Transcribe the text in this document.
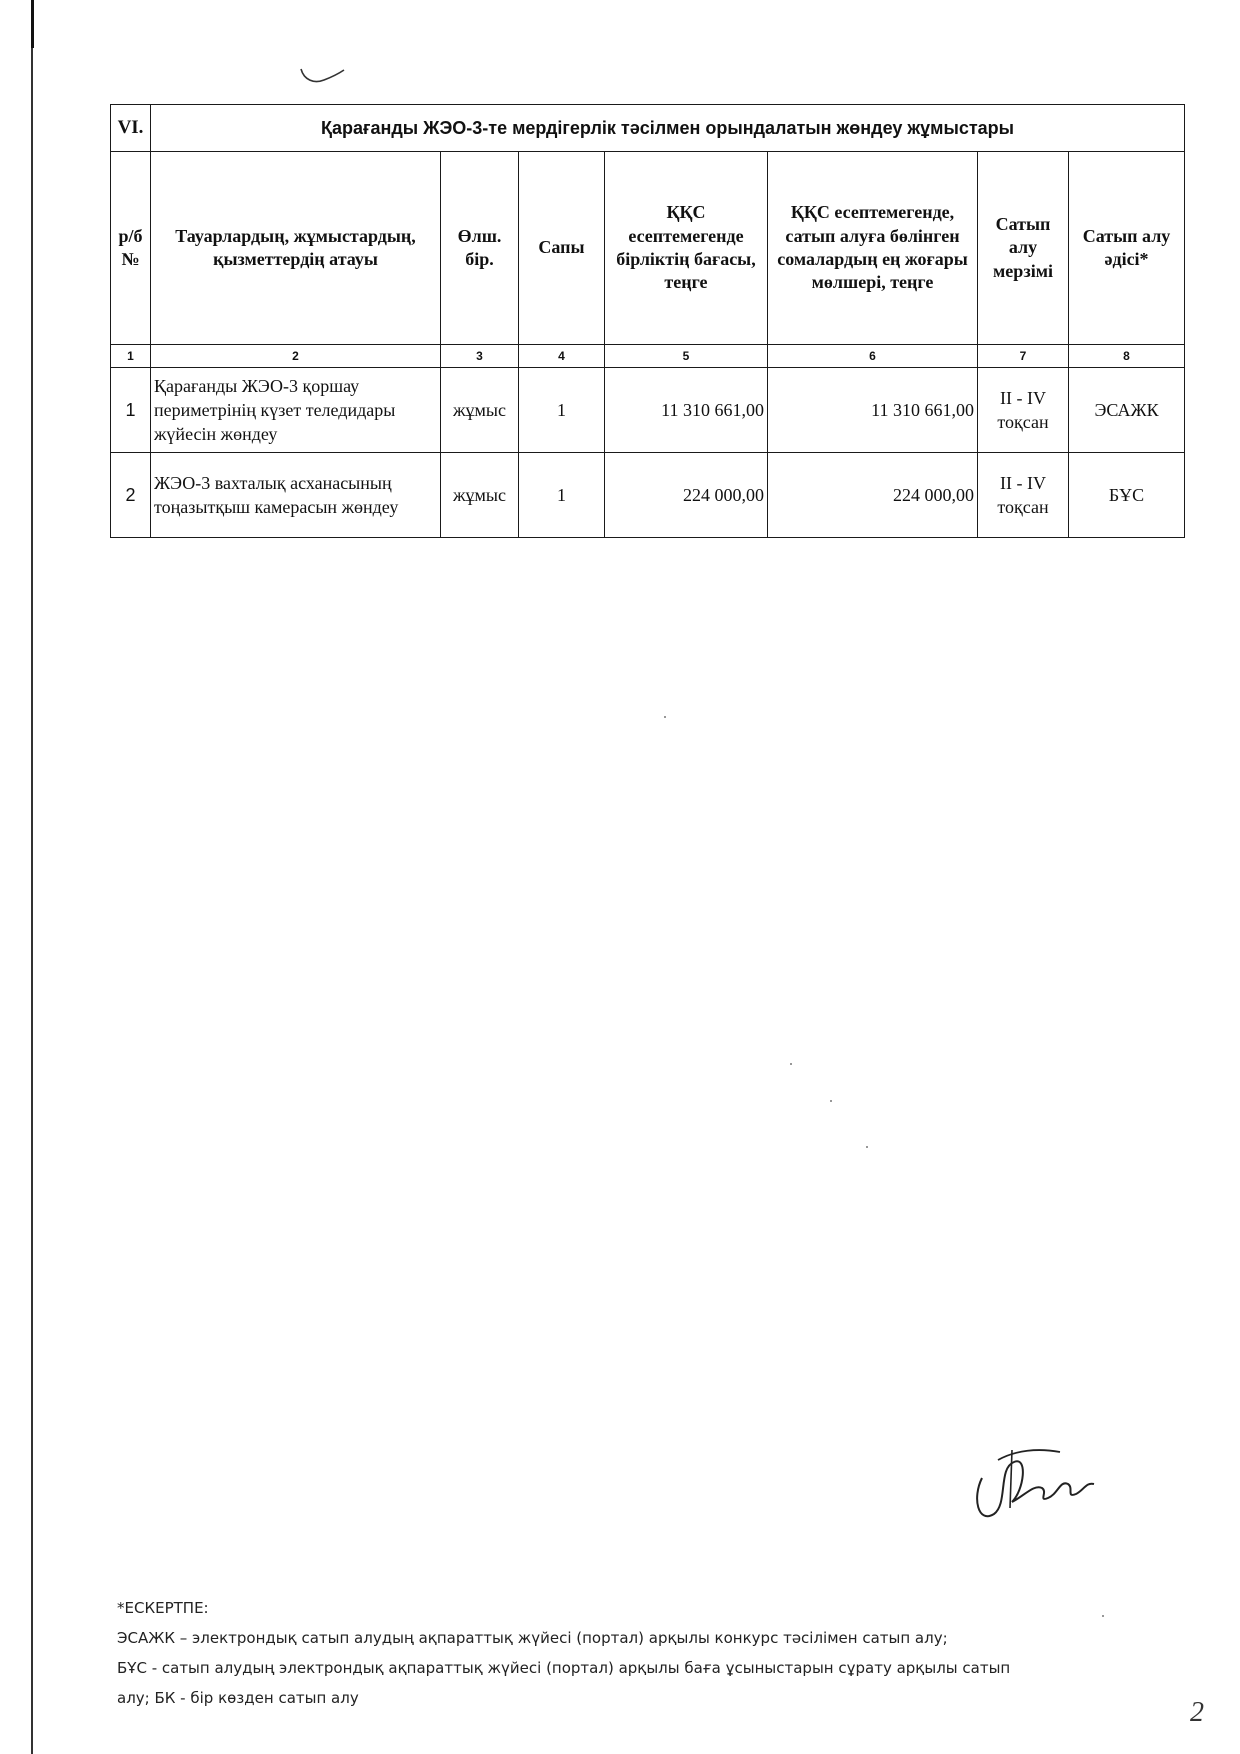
VI.	Қарағанды ЖЭО-3-те мердігерлік тәсілмен орындалатын жөндеу жұмыстары						
р/б №	Тауарлардың, жұмыстардың, қызметтердің атауы	Өлш. бір.	Сапы	ҚҚС есептемегенде бірліктің бағасы, теңге	ҚҚС есептемегенде, сатып алуға бөлінген сомалардың ең жоғары мөлшері, теңге	Сатып алу мерзімі	Сатып алу әдісі*
1	2	3	4	5	6	7	8
1	Қарағанды ЖЭО-3 қоршау периметрінің күзет теледидары жүйесін жөндеу	жұмыс	1	11 310 661,00	11 310 661,00	II - IV тоқсан	ЭСАЖК
2	ЖЭО-3 вахталық асханасының тоңазытқыш камерасын жөндеу	жұмыс	1	224 000,00	224 000,00	II - IV тоқсан	БҰС
*ЕСКЕРТПЕ:
ЭСАЖК – электрондық сатып алудың ақпараттық жүйесі (портал) арқылы конкурс тәсілімен сатып алу;
БҰС - сатып алудың электрондық ақпараттық жүйесі (портал) арқылы баға ұсыныстарын сұрату арқылы сатып
алу; БК - бір көзден сатып алу	2
